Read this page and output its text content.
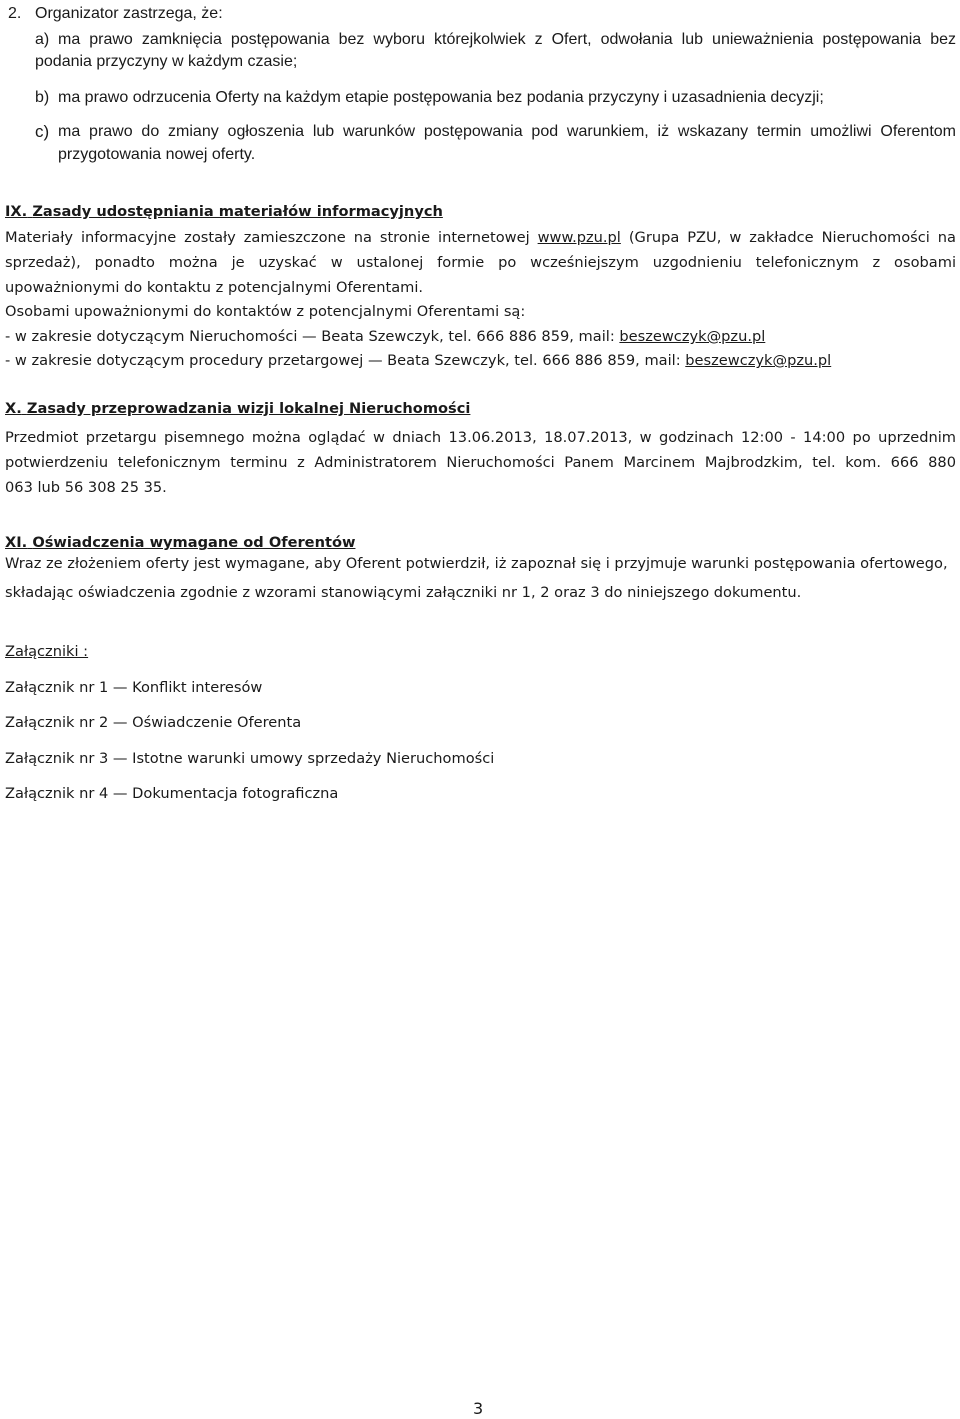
2. Organizator zastrzega, że:
a) ma prawo zamknięcia postępowania bez wyboru którejkolwiek z Ofert, odwołania lub unieważnienia postępowania bez
podania przyczyny w każdym czasie;
b) ma prawo odrzucenia Oferty na każdym etapie postępowania bez podania przyczyny i uzasadnienia decyzji;
c) ma prawo do zmiany ogłoszenia lub warunków postępowania pod warunkiem, iż wskazany termin umożliwi Oferentom
przygotowania nowej oferty.
IX. Zasady udostępniania materiałów informacyjnych
Materiały informacyjne zostały zamieszczone na stronie internetowej www.pzu.pl (Grupa PZU, w zakładce Nieruchomości na
sprzedaż), ponadto można je uzyskać w ustalonej formie po wcześniejszym uzgodnieniu telefonicznym z osobami
upoważnionymi do kontaktu z potencjalnymi Oferentami.
Osobami upoważnionymi do kontaktów z potencjalnymi Oferentami są:
- w zakresie dotyczącym Nieruchomości — Beata Szewczyk, tel. 666 886 859, mail: beszewczyk@pzu.pl
- w zakresie dotyczącym procedury przetargowej — Beata Szewczyk, tel. 666 886 859, mail: beszewczyk@pzu.pl
X. Zasady przeprowadzania wizji lokalnej Nieruchomości
Przedmiot przetargu pisemnego można oglądać w dniach 13.06.2013, 18.07.2013, w godzinach 12:00 - 14:00 po uprzednim
potwierdzeniu telefonicznym terminu z Administratorem Nieruchomości Panem Marcinem Majbrodzkim, tel. kom. 666 880
063 lub 56 308 25 35.
XI. Oświadczenia wymagane od Oferentów
Wraz ze złożeniem oferty jest wymagane, aby Oferent potwierdził, iż zapoznał się i przyjmuje warunki postępowania ofertowego,
składając oświadczenia zgodnie z wzorami stanowiącymi załączniki nr 1, 2 oraz 3 do niniejszego dokumentu.
Załączniki :
Załącznik nr 1 — Konflikt interesów
Załącznik nr 2 — Oświadczenie Oferenta
Załącznik nr 3 — Istotne warunki umowy sprzedaży Nieruchomości
Załącznik nr 4 — Dokumentacja fotograficzna
3
